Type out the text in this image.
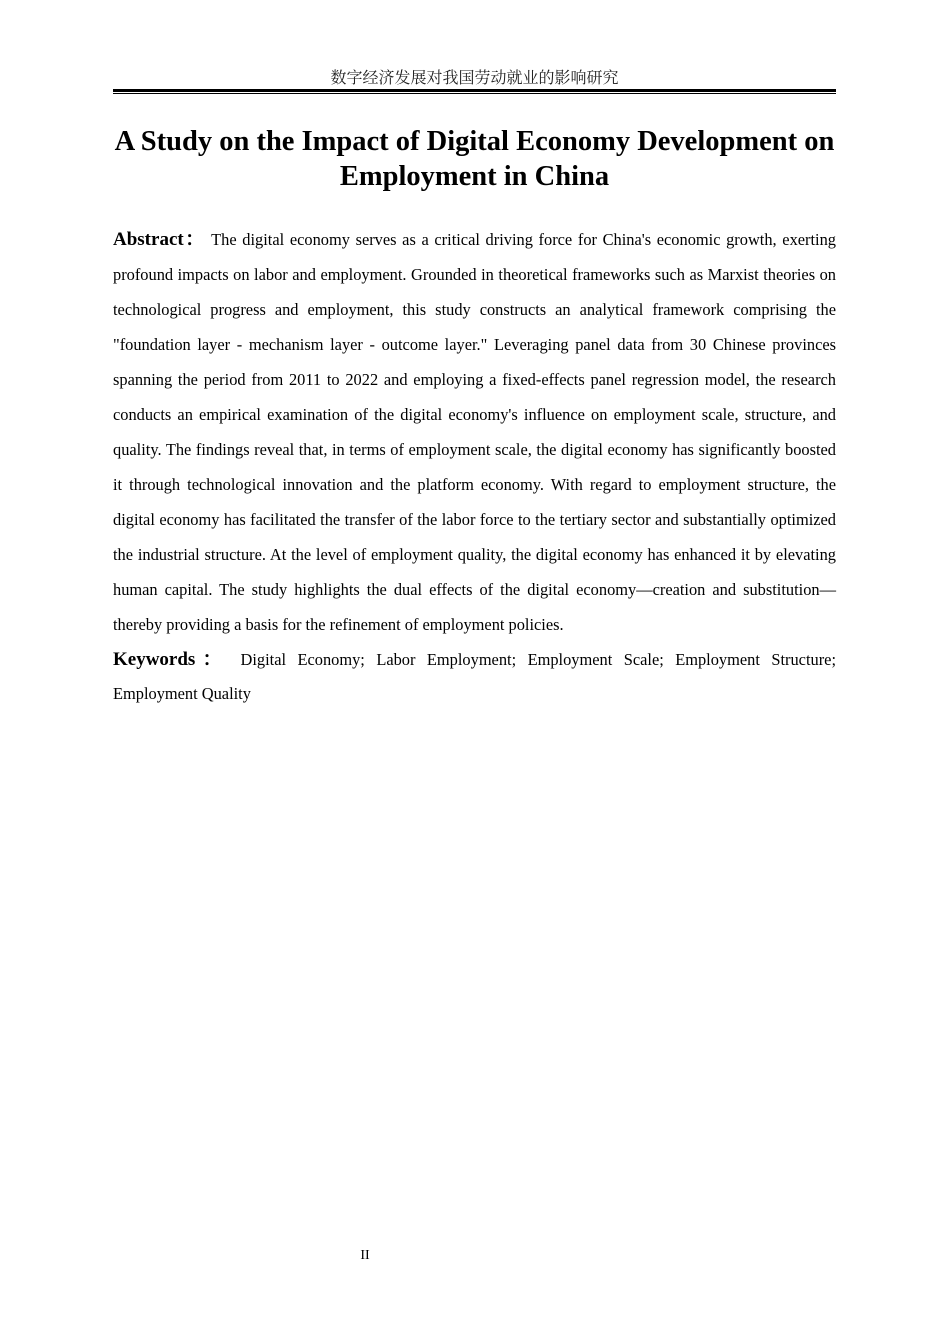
数字经济发展对我国劳动就业的影响研究
A Study on the Impact of Digital Economy Development on Employment in China

Abstract： The digital economy serves as a critical driving force for China's economic growth, exerting profound impacts on labor and employment. Grounded in theoretical frameworks such as Marxist theories on technological progress and employment, this study constructs an analytical framework comprising the "foundation layer - mechanism layer - outcome layer." Leveraging panel data from 30 Chinese provinces spanning the period from 2011 to 2022 and employing a fixed-effects panel regression model, the research conducts an empirical examination of the digital economy's influence on employment scale, structure, and quality. The findings reveal that, in terms of employment scale, the digital economy has significantly boosted it through technological innovation and the platform economy. With regard to employment structure, the digital economy has facilitated the transfer of the labor force to the tertiary sector and substantially optimized the industrial structure. At the level of employment quality, the digital economy has enhanced it by elevating human capital. The study highlights the dual effects of the digital economy—creation and substitution—thereby providing a basis for the refinement of employment policies.

Keywords： Digital Economy; Labor Employment; Employment Scale; Employment Structure; Employment Quality

II
